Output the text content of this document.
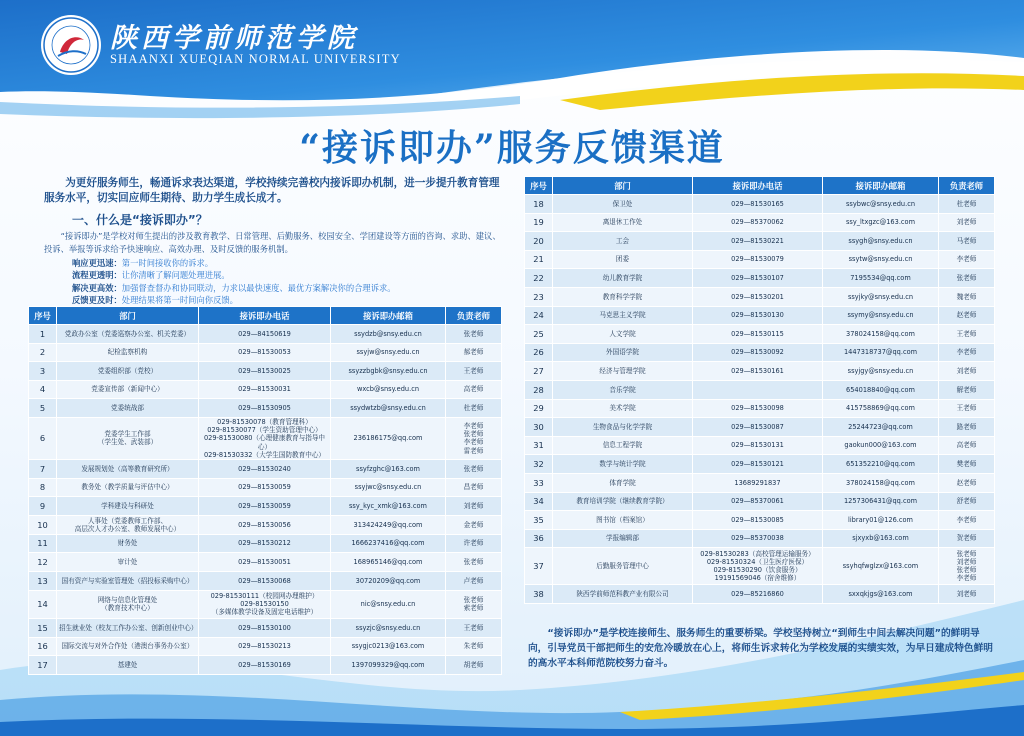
陕西学前师范学院
SHAANXI XUEQIAN NORMAL UNIVERSITY
“接诉即办”服务反馈渠道
为更好服务师生，畅通诉求表达渠道，学校持续完善校内接诉即办机制，进一步提升教育管理服务水平，切实回应师生期待、助力学生成长成才。
一、什么是“接诉即办”？
“接诉即办”是学校对师生提出的涉及教育教学、日常管理、后勤服务、校园安全、学团建设等方面的咨询、求助、建议、投诉、举报等诉求给予快速响应、高效办理、及时反馈的服务机制。
响应更迅速：第一时间接收你的诉求。
流程更透明：让你清晰了解问题处理进展。
解决更高效：加强督查督办和协同联动，力求以最快速度、最优方案解决你的合理诉求。
反馈更及时：处理结果将第一时间向你反馈。
序号	部门	接诉即办电话	接诉即办邮箱	负责老师
1	党政办公室（党委巡察办公室、机关党委）	029—84150619	ssydzb@snsy.edu.cn	张老师
2	纪检监察机构	029—81530053	ssyjw@snsy.edu.cn	郝老师
3	党委组织部（党校）	029—81530025	ssyzzbgbk@snsy.edu.cn	王老师
4	党委宣传部（新闻中心）	029—81530031	wxcb@snsy.edu.cn	高老师
5	党委统战部	029—81530905	ssydwtzb@snsy.edu.cn	杜老师
6	党委学生工作部
（学生处、武装部）	029-81530078（教育管理科）
029-81530077（学生资助管理中心）
029-81530080（心理健康教育与指导中心）
029-81530332（大学生国防教育中心）	236186175@qq.com	李老师
张老师
李老师
雷老师
7	发展规划处（高等教育研究所）	029—81530240	ssyfzghc@163.com	张老师
8	教务处（教学质量与评估中心）	029—81530059	ssyjwc@snsy.edu.cn	昌老师
9	学科建设与科研处	029—81530059	ssy_kyc_xmk@163.com	刘老师
10	人事处（党委教师工作部、
高层次人才办公室、教师发展中心）	029—81530056	313424249@qq.com	金老师
11	财务处	029—81530212	1666237416@qq.com	许老师
12	审计处	029—81530051	168965146@qq.com	张老师
13	国有资产与实验室管理处（招投标采购中心）	029—81530068	30720209@qq.com	卢老师
14	网络与信息化管理处
（教育技术中心）	029-81530111（校园网办理维护）
029-81530150
（多媒体教学设备及固定电话维护）	nic@snsy.edu.cn	张老师
索老师
15	招生就业处（校友工作办公室、创新创业中心）	029—81530100	ssyzjc@snsy.edu.cn	王老师
16	国际交流与对外合作处（港澳台事务办公室）	029—81530213	ssygjc0213@163.com	朱老师
17	基建处	029—81530169	1397099329@qq.com	胡老师
序号	部门	接诉即办电话	接诉即办邮箱	负责老师
18	保卫处	029—81530165	ssybwc@snsy.edu.cn	杜老师
19	离退休工作处	029—85370062	ssy_ltxgzc@163.com	刘老师
20	工会	029—81530221	ssygh@snsy.edu.cn	马老师
21	团委	029—81530079	ssytw@snsy.edu.cn	李老师
22	幼儿教育学院	029—81530107	7195534@qq.com	张老师
23	教育科学学院	029—81530201	ssyjky@snsy.edu.cn	魏老师
24	马克思主义学院	029—81530130	ssymy@snsy.edu.cn	赵老师
25	人文学院	029—81530115	378024158@qq.com	王老师
26	外国语学院	029—81530092	1447318737@qq.com	李老师
27	经济与管理学院	029—81530161	ssyjgy@snsy.edu.cn	刘老师
28	音乐学院		654018840@qq.com	解老师
29	美术学院	029—81530098	415758869@qq.com	王老师
30	生物食品与化学学院	029—81530087	25244723@qq.com	路老师
31	信息工程学院	029—81530131	gaokun000@163.com	高老师
32	数学与统计学院	029—81530121	651352210@qq.com	樊老师
33	体育学院	13689291837	378024158@qq.com	赵老师
34	教育培训学院（继续教育学院）	029—85370061	1257306431@qq.com	舒老师
35	图书馆（档案馆）	029—81530085	library01@126.com	李老师
36	学报编辑部	029—85370038	sjxyxb@163.com	贺老师
37	后勤服务管理中心	029-81530283（高校管理运输服务）
029-81530324（卫生医疗医保）
029-81530290（饮食服务）
19191569046（宿舍维修）	ssyhqfwglzx@163.com	张老师
刘老师
张老师
李老师
38	陕西学前师范科教产业有限公司	029—85216860	sxxqkjgs@163.com	刘老师
“接诉即办”是学校连接师生、服务师生的重要桥梁。学校坚持树立“到师生中间去解决问题”的鲜明导向，引导党员干部把师生的安危冷暖放在心上，将师生诉求转化为学校发展的实绩实效，为早日建成特色鲜明的高水平本科师范院校努力奋斗。
